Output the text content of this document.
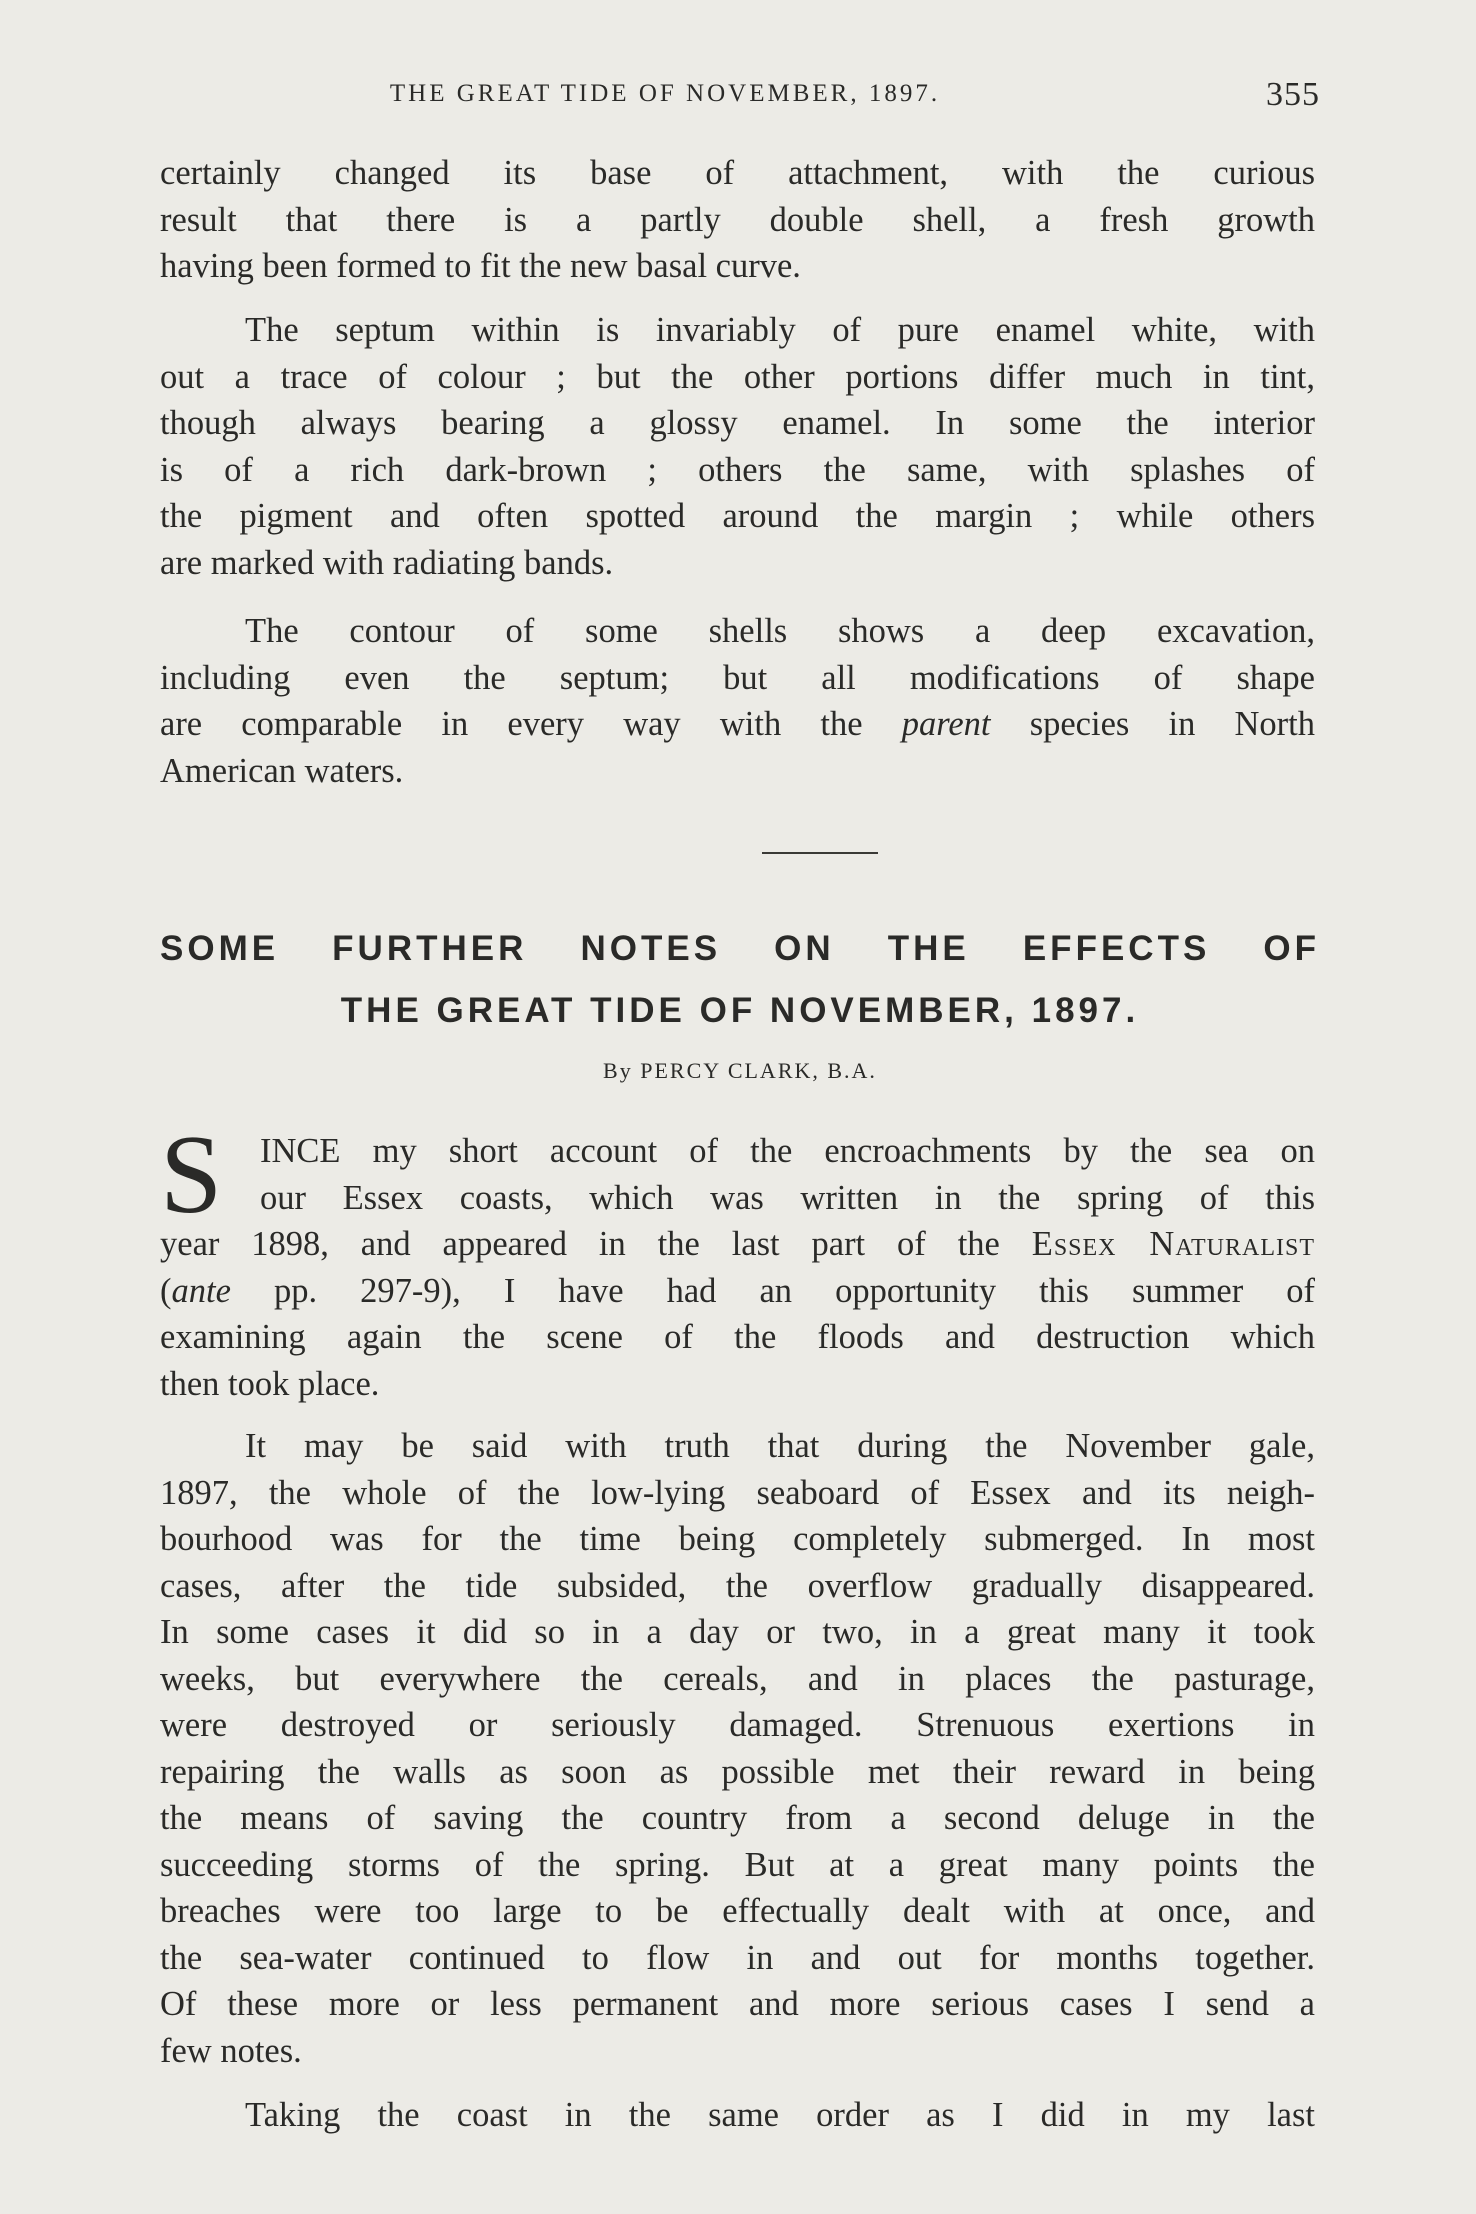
THE GREAT TIDE OF NOVEMBER, 1897.	355
certainly changed its base of attachment, with the curious
result that there is a partly double shell, a fresh growth
having been formed to fit the new basal curve.
The septum within is invariably of pure enamel white, with
out a trace of colour ; but the other portions differ much in tint,
though always bearing a glossy enamel. In some the interior
is of a rich dark-brown ; others the same, with splashes of
the pigment and often spotted around the margin ; while others
are marked with radiating bands.
The contour of some shells shows a deep excavation,
including even the septum; but all modifications of shape
are comparable in every way with the parent species in North
American waters.
SOME FURTHER NOTES ON THE EFFECTS OF
THE GREAT TIDE OF NOVEMBER, 1897.
By PERCY CLARK, B.A.
S	INCE my short account of the encroachments by the sea on
our Essex coasts, which was written in the spring of this
year 1898, and appeared in the last part of the Essex Naturalist
(ante pp. 297-9), I have had an opportunity this summer of
examining again the scene of the floods and destruction which
then took place.
It may be said with truth that during the November gale,
1897, the whole of the low-lying seaboard of Essex and its neigh-
bourhood was for the time being completely submerged. In most
cases, after the tide subsided, the overflow gradually disappeared.
In some cases it did so in a day or two, in a great many it took
weeks, but everywhere the cereals, and in places the pasturage,
were destroyed or seriously damaged. Strenuous exertions in
repairing the walls as soon as possible met their reward in being
the means of saving the country from a second deluge in the
succeeding storms of the spring. But at a great many points the
breaches were too large to be effectually dealt with at once, and
the sea-water continued to flow in and out for months together.
Of these more or less permanent and more serious cases I send a
few notes.
Taking the coast in the same order as I did in my last
